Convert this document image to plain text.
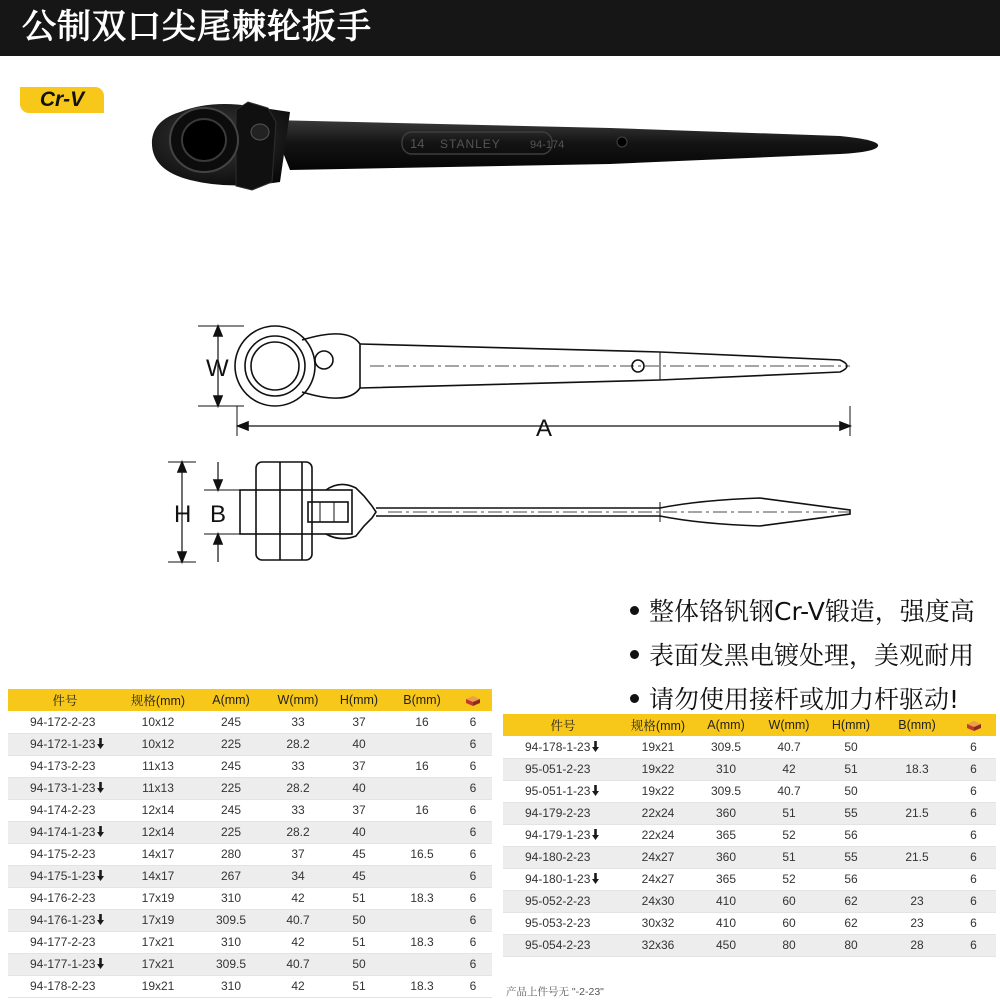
公制双口尖尾棘轮扳手
Cr-V
14 STANLEY	94-174
W
A
H B
整体铬钒钢Cr-V锻造，强度高
表面发黑电镀处理，美观耐用
请勿使用接杆或加力杆驱动!
件号	规格(mm)	A(mm)	W(mm)	H(mm)	B(mm)	
94-172-2-23	10x12	245	33	37	16	6
94-172-1-23	10x12	225	28.2	40		6
94-173-2-23	11x13	245	33	37	16	6
94-173-1-23	11x13	225	28.2	40		6
94-174-2-23	12x14	245	33	37	16	6
94-174-1-23	12x14	225	28.2	40		6
94-175-2-23	14x17	280	37	45	16.5	6
94-175-1-23	14x17	267	34	45		6
94-176-2-23	17x19	310	42	51	18.3	6
94-176-1-23	17x19	309.5	40.7	50		6
94-177-2-23	17x21	310	42	51	18.3	6
94-177-1-23	17x21	309.5	40.7	50		6
94-178-2-23	19x21	310	42	51	18.3	6
件号	规格(mm)	A(mm)	W(mm)	H(mm)	B(mm)	
94-178-1-23	19x21	309.5	40.7	50		6
95-051-2-23	19x22	310	42	51	18.3	6
95-051-1-23	19x22	309.5	40.7	50		6
94-179-2-23	22x24	360	51	55	21.5	6
94-179-1-23	22x24	365	52	56		6
94-180-2-23	24x27	360	51	55	21.5	6
94-180-1-23	24x27	365	52	56		6
95-052-2-23	24x30	410	60	62	23	6
95-053-2-23	30x32	410	60	62	23	6
95-054-2-23	32x36	450	80	80	28	6
产品上件号无 "-2-23"
